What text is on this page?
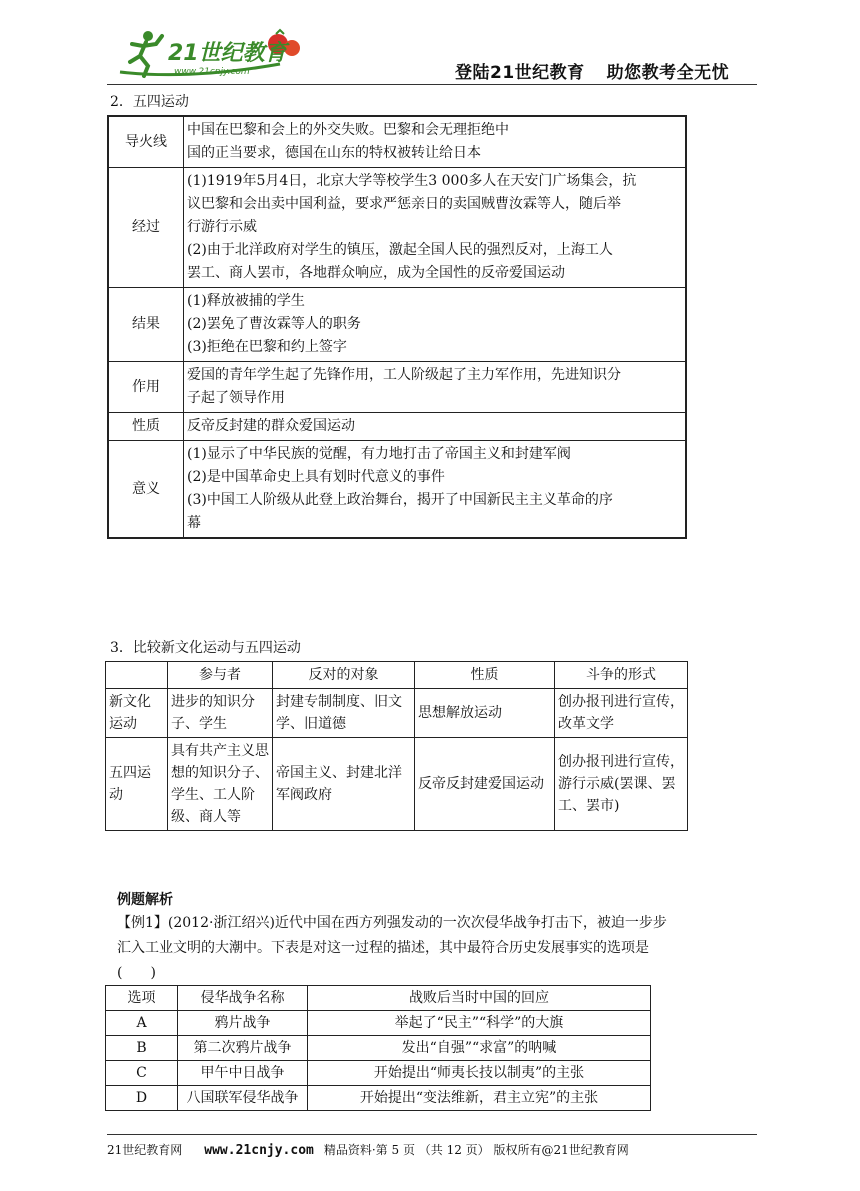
21世纪教育
www.21cnjy.com	登陆21世纪教育 助您教考全无忧
2．五四运动
导火线	中国在巴黎和会上的外交失败。巴黎和会无理拒绝中
国的正当要求，德国在山东的特权被转让给日本

经过	(1)1919年5月4日，北京大学等校学生3 000多人在天安门广场集会，抗
议巴黎和会出卖中国利益，要求严惩亲日的卖国贼曹汝霖等人，随后举
行游行示威
(2)由于北洋政府对学生的镇压，激起全国人民的强烈反对，上海工人
罢工、商人罢市，各地群众响应，成为全国性的反帝爱国运动

结果	(1)释放被捕的学生
(2)罢免了曹汝霖等人的职务
(3)拒绝在巴黎和约上签字

作用	爱国的青年学生起了先锋作用，工人阶级起了主力军作用，先进知识分
子起了领导作用

性质	反帝反封建的群众爱国运动

意义	(1)显示了中华民族的觉醒，有力地打击了帝国主义和封建军阀
(2)是中国革命史上具有划时代意义的事件
(3)中国工人阶级从此登上政治舞台，揭开了中国新民主主义革命的序
幕
3．比较新文化运动与五四运动
	参与者	反对的对象	性质	斗争的形式
新文化运动	进步的知识分子、学生	封建专制制度、旧文学、旧道德	思想解放运动	创办报刊进行宣传，改革文学
五四运动	具有共产主义思想的知识分子、学生、工人阶级、商人等	帝国主义、封建北洋军阀政府	反帝反封建爱国运动	创办报刊进行宣传，游行示威(罢课、罢工、罢市)
例题解析
【例1】(2012·浙江绍兴)近代中国在西方列强发动的一次次侵华战争打击下，被迫一步步
汇入工业文明的大潮中。下表是对这一过程的描述，其中最符合历史发展事实的选项是
(　　)
选项	侵华战争名称	战败后当时中国的回应
A	鸦片战争	举起了“民主”“科学”的大旗
B	第二次鸦片战争	发出“自强”“求富”的呐喊
C	甲午中日战争	开始提出“师夷长技以制夷”的主张
D	八国联军侵华战争	开始提出“变法维新，君主立宪”的主张
21世纪教育网 www.21cnjy.com 精品资料·第 5 页 （共 12 页） 版权所有@21世纪教育网
